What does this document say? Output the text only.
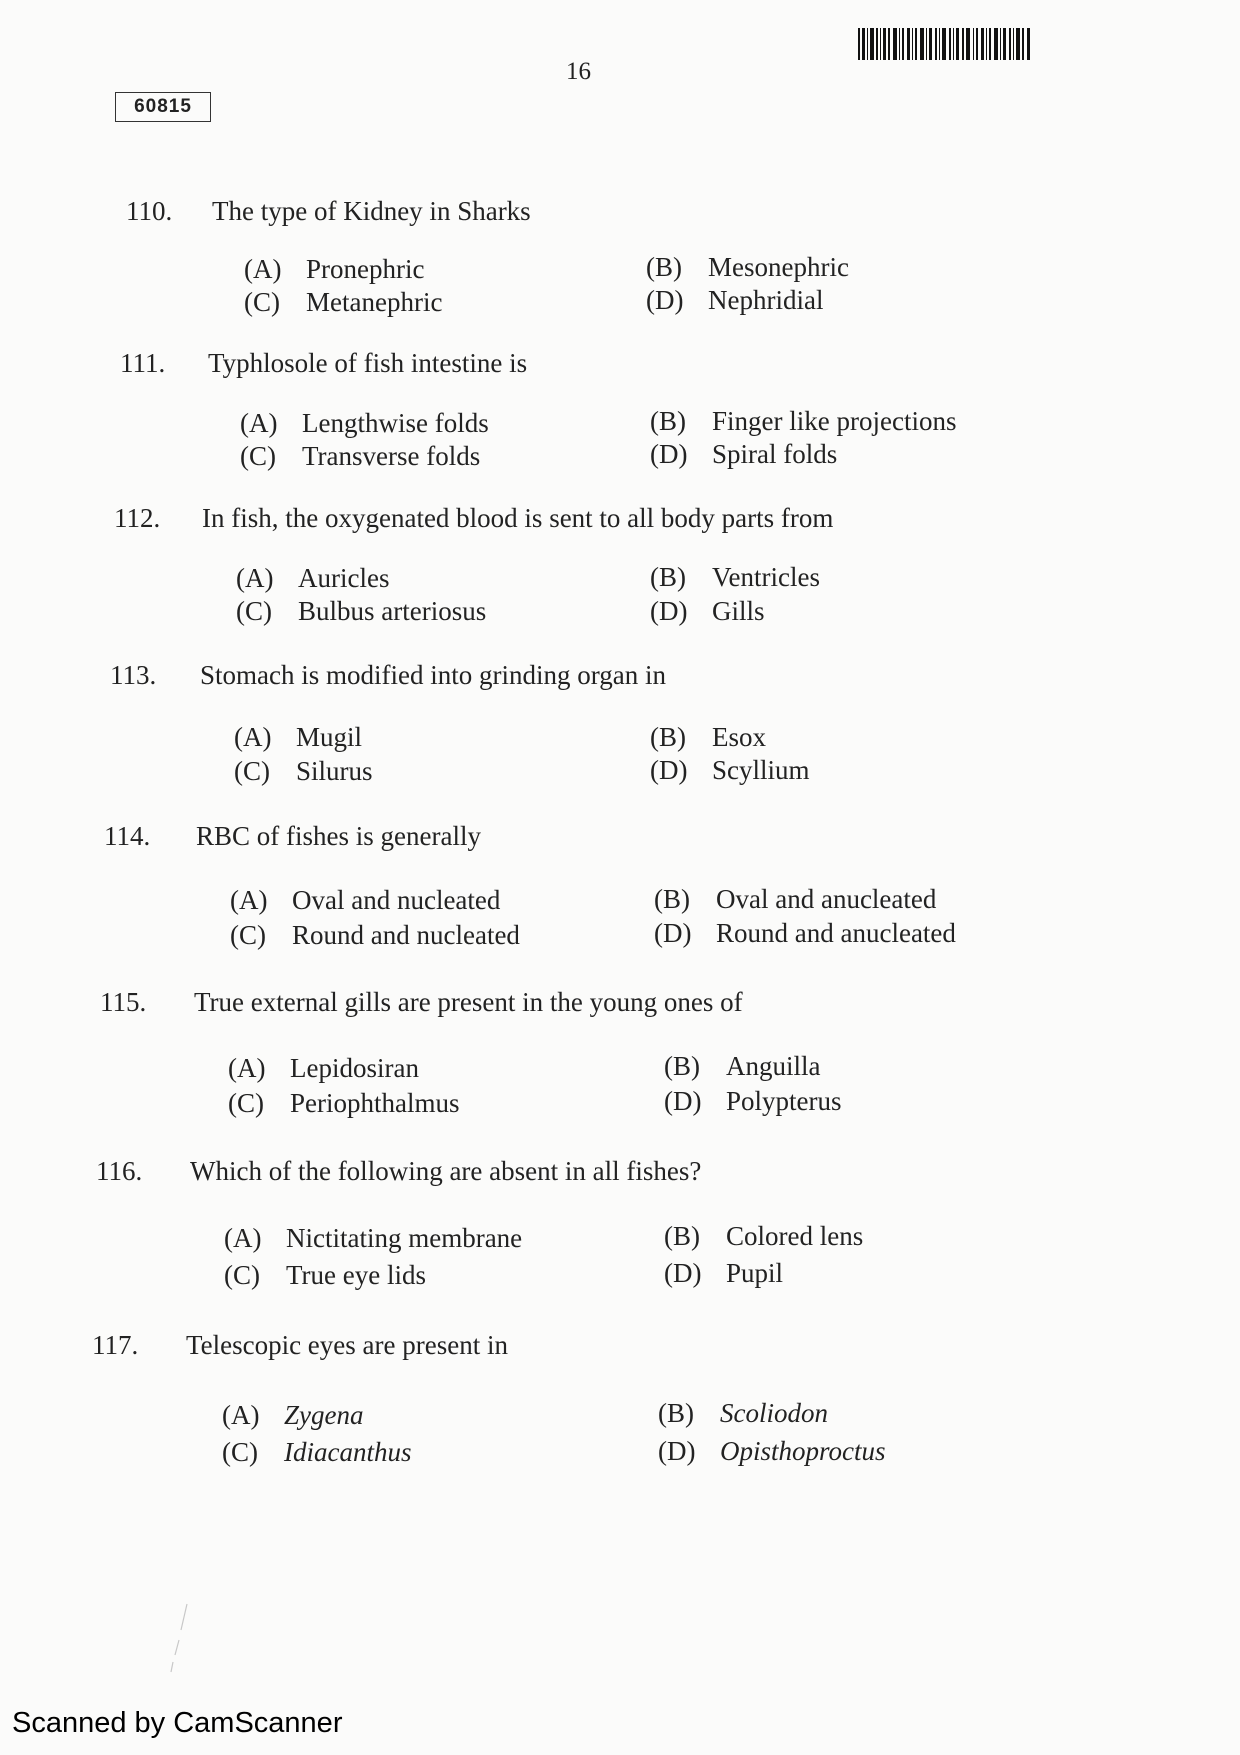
16
60815
110. The type of Kidney in Sharks
(A) Pronephric	(B) Mesonephric
(C) Metanephric	(D) Nephridial
111. Typhlosole of fish intestine is
(A) Lengthwise folds	(B) Finger like projections
(C) Transverse folds	(D) Spiral folds
112. In fish, the oxygenated blood is sent to all body parts from
(A) Auricles	(B) Ventricles
(C) Bulbus arteriosus	(D) Gills
113. Stomach is modified into grinding organ in
(A) Mugil	(B) Esox
(C) Silurus	(D) Scyllium
114. RBC of fishes is generally
(A) Oval and nucleated	(B) Oval and anucleated
(C) Round and nucleated	(D) Round and anucleated
115. True external gills are present in the young ones of
(A) Lepidosiran	(B) Anguilla
(C) Periophthalmus	(D) Polypterus
116. Which of the following are absent in all fishes?
(A) Nictitating membrane	(B) Colored lens
(C) True eye lids	(D) Pupil
117. Telescopic eyes are present in
(A) Zygena	(B) Scoliodon
(C) Idiacanthus	(D) Opisthoproctus
Scanned by CamScanner
